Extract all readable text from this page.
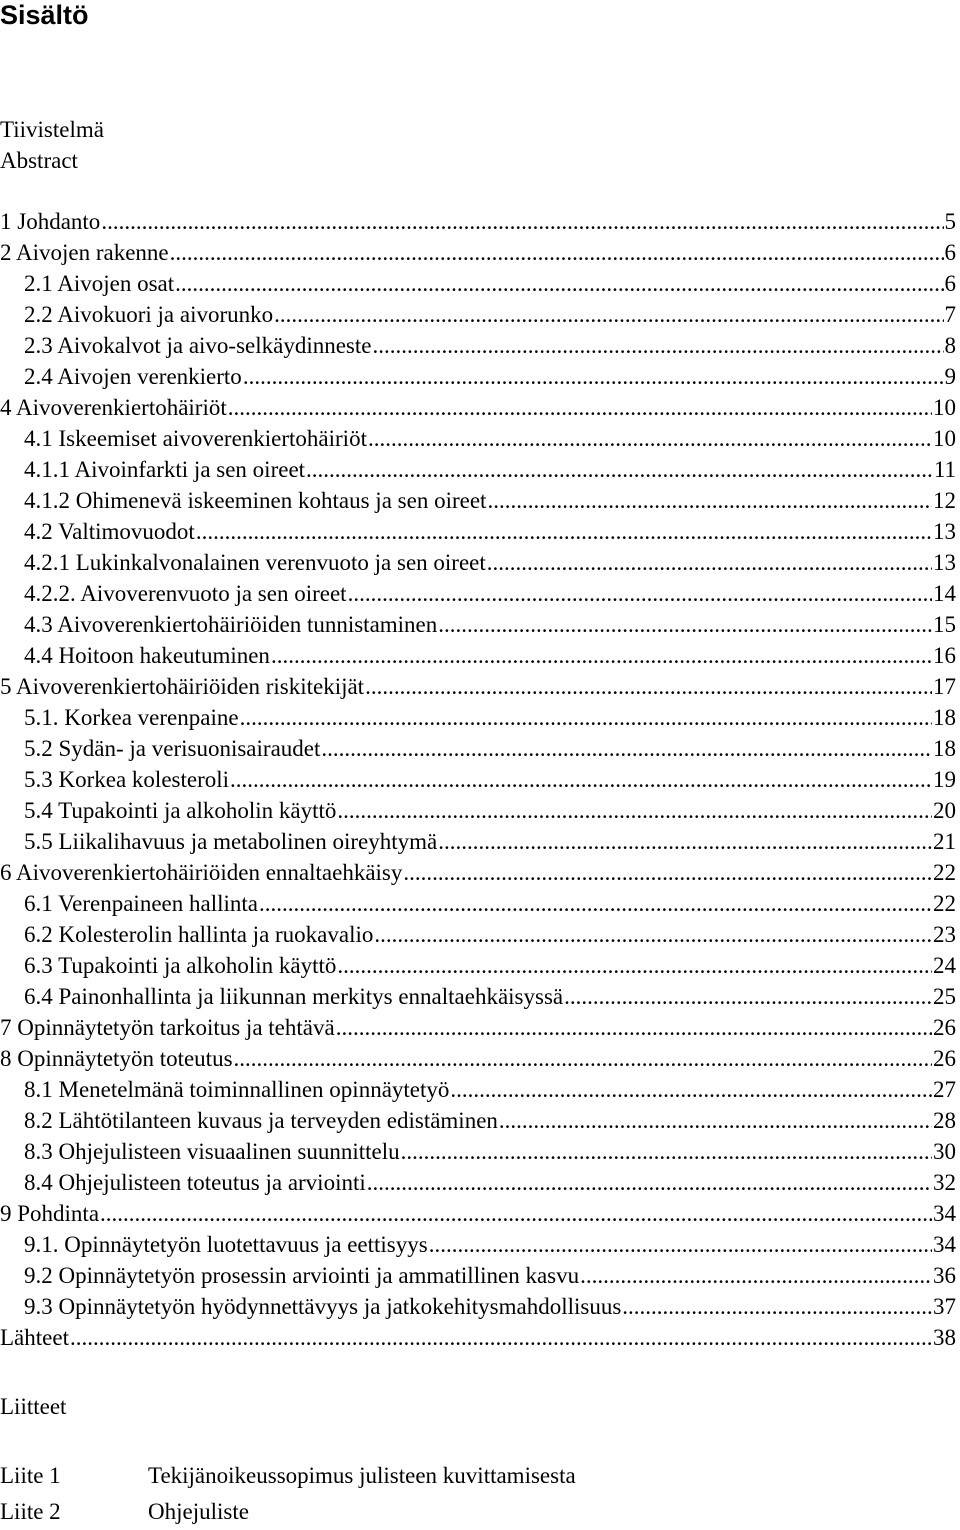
Sisältö
Tiivistelmä
Abstract
1 Johdanto .....	5
2 Aivojen rakenne .....	6
2.1 Aivojen osat .....	6
2.2 Aivokuori ja aivorunko .....	7
2.3 Aivokalvot ja aivo-selkäydinneste .....	8
2.4 Aivojen verenkierto .....	9
4 Aivoverenkiertohäiriöt .....	10
4.1 Iskeemiset aivoverenkiertohäiriöt .....	10
4.1.1 Aivoinfarkti ja sen oireet .....	11
4.1.2 Ohimenevä iskeeminen kohtaus ja sen oireet .....	12
4.2 Valtimovuodot .....	13
4.2.1 Lukinkalvonalainen verenvuoto ja sen oireet .....	13
4.2.2. Aivoverenvuoto ja sen oireet .....	14
4.3 Aivoverenkiertohäiriöiden tunnistaminen .....	15
4.4 Hoitoon hakeutuminen .....	16
5 Aivoverenkiertohäiriöiden riskitekijät .....	17
5.1. Korkea verenpaine .....	18
5.2 Sydän- ja verisuonisairaudet .....	18
5.3 Korkea kolesteroli .....	19
5.4 Tupakointi ja alkoholin käyttö .....	20
5.5 Liikalihavuus ja metabolinen oireyhtymä .....	21
6 Aivoverenkiertohäiriöiden ennaltaehkäisy .....	22
6.1 Verenpaineen hallinta .....	22
6.2 Kolesterolin hallinta ja ruokavalio .....	23
6.3 Tupakointi ja alkoholin käyttö .....	24
6.4 Painonhallinta ja liikunnan merkitys ennaltaehkäisyssä .....	25
7 Opinnäytetyön tarkoitus ja tehtävä .....	26
8 Opinnäytetyön toteutus .....	26
8.1 Menetelmänä toiminnallinen opinnäytetyö .....	27
8.2 Lähtötilanteen kuvaus ja terveyden edistäminen .....	28
8.3 Ohjejulisteen visuaalinen suunnittelu .....	30
8.4 Ohjejulisteen toteutus ja arviointi .....	32
9 Pohdinta .....	34
9.1. Opinnäytetyön luotettavuus ja eettisyys .....	34
9.2 Opinnäytetyön prosessin arviointi ja ammatillinen kasvu .....	36
9.3 Opinnäytetyön hyödynnettävyys ja jatkokehitysmahdollisuus .....	37
Lähteet .....	38
Liitteet
Liite 1	Tekijänoikeussopimus julisteen kuvittamisesta
Liite 2	Ohjejuliste
